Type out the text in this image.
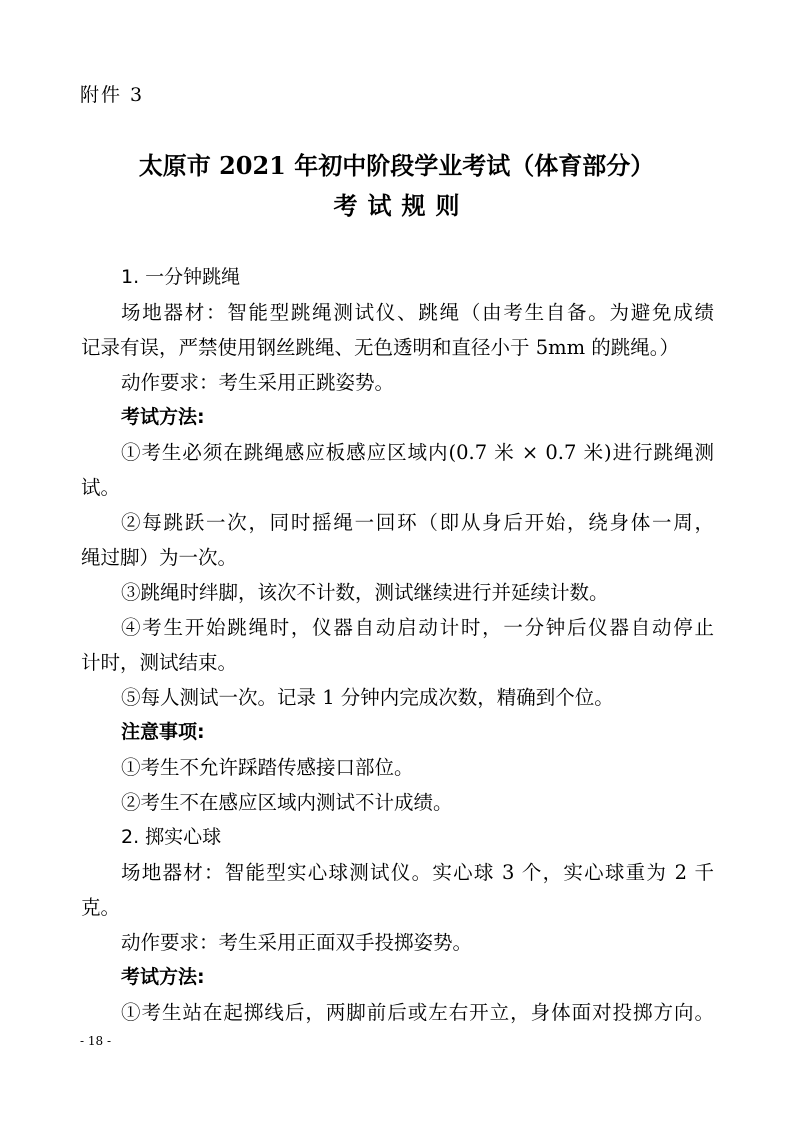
附件 3
太原市 2021 年初中阶段学业考试（体育部分）
考试规则
1. 一分钟跳绳
场地器材：智能型跳绳测试仪、跳绳（由考生自备。为避免成绩
记录有误，严禁使用钢丝跳绳、无色透明和直径小于 5mm 的跳绳。）
动作要求：考生采用正跳姿势。
考试方法:
①考生必须在跳绳感应板感应区域内(0.7 米 × 0.7 米)进行跳绳测
试。
②每跳跃一次，同时摇绳一回环（即从身后开始，绕身体一周，
绳过脚）为一次。
③跳绳时绊脚，该次不计数，测试继续进行并延续计数。
④考生开始跳绳时，仪器自动启动计时，一分钟后仪器自动停止
计时，测试结束。
⑤每人测试一次。记录 1 分钟内完成次数，精确到个位。
注意事项:
①考生不允许踩踏传感接口部位。
②考生不在感应区域内测试不计成绩。
2. 掷实心球
场地器材：智能型实心球测试仪。实心球 3 个，实心球重为 2 千
克。
动作要求：考生采用正面双手投掷姿势。
考试方法:
①考生站在起掷线后，两脚前后或左右开立，身体面对投掷方向。
- 18 -
